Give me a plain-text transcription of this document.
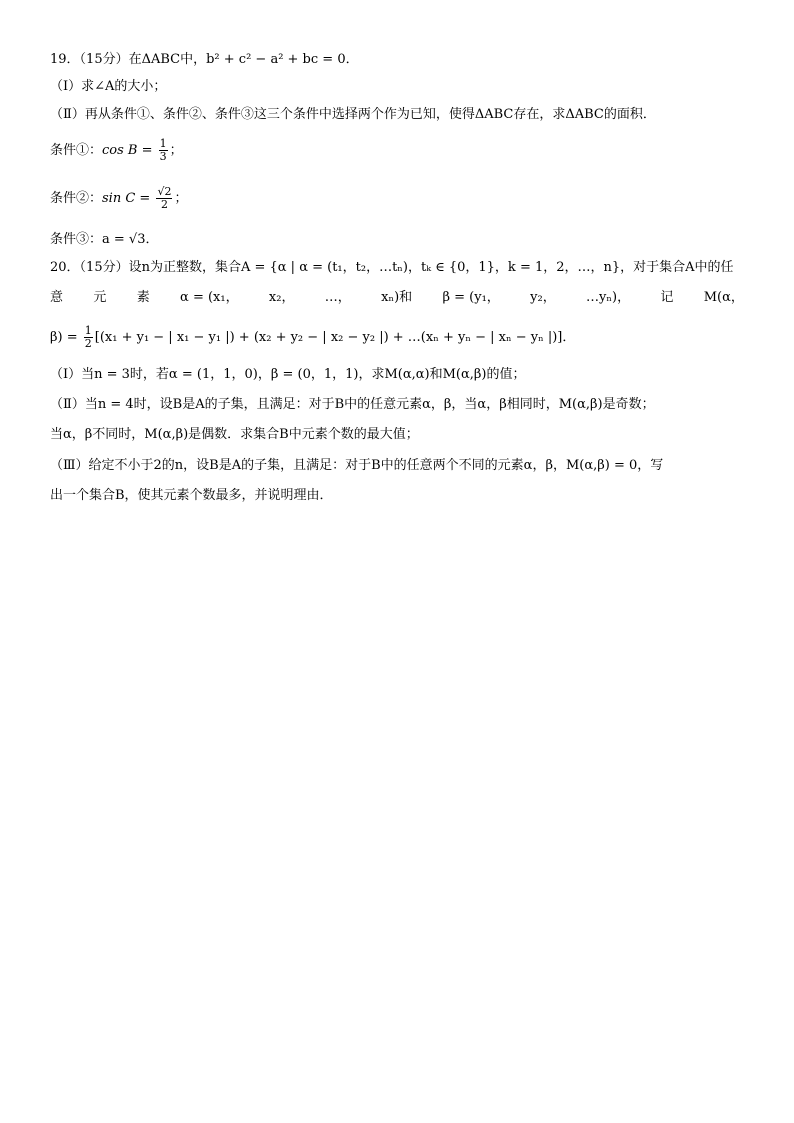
19．（15分）在ΔABC中，b² + c² − a² + bc = 0．
（Ⅰ）求∠A的大小；
（Ⅱ）再从条件①、条件②、条件③这三个条件中选择两个作为已知，使得ΔABC存在，求ΔABC的面积．
条件①：$\cos B = \frac{1}{3}$ ；
条件②：$\sin C = \frac{√2}{2}$ ；
条件③：a = √3．
20．（15分）设n为正整数，集合A = {α | α = (t₁，t₂，…tₙ)，tₖ ∈ {0，1}，k = 1，2，…，n}，对于集合A中的任
意 元 素 α = (x₁， x₂， …， xₙ)和 β = (y₁， y₂， …yₙ)， 记 M(α，
$\beta) = \frac{1}{2} [(x_1 + y_1$ − | x₁ − y₁ |) + (x₂ + y₂ − | x₂ − y₂ |) + …(xₙ + yₙ − | xₙ − yₙ |)]．
（Ⅰ）当n = 3时，若α = (1，1，0)，β = (0，1，1)，求M(α,α)和M(α,β)的值；
（Ⅱ）当n = 4时，设B是A的子集，且满足：对于B中的任意元素α，β，当α，β相同时，M(α,β)是奇数；
当α，β不同时，M(α,β)是偶数．求集合B中元素个数的最大值；
（Ⅲ）给定不小于2的n，设B是A的子集，且满足：对于B中的任意两个不同的元素α，β，M(α,β) = 0，写
出一个集合B，使其元素个数最多，并说明理由．
